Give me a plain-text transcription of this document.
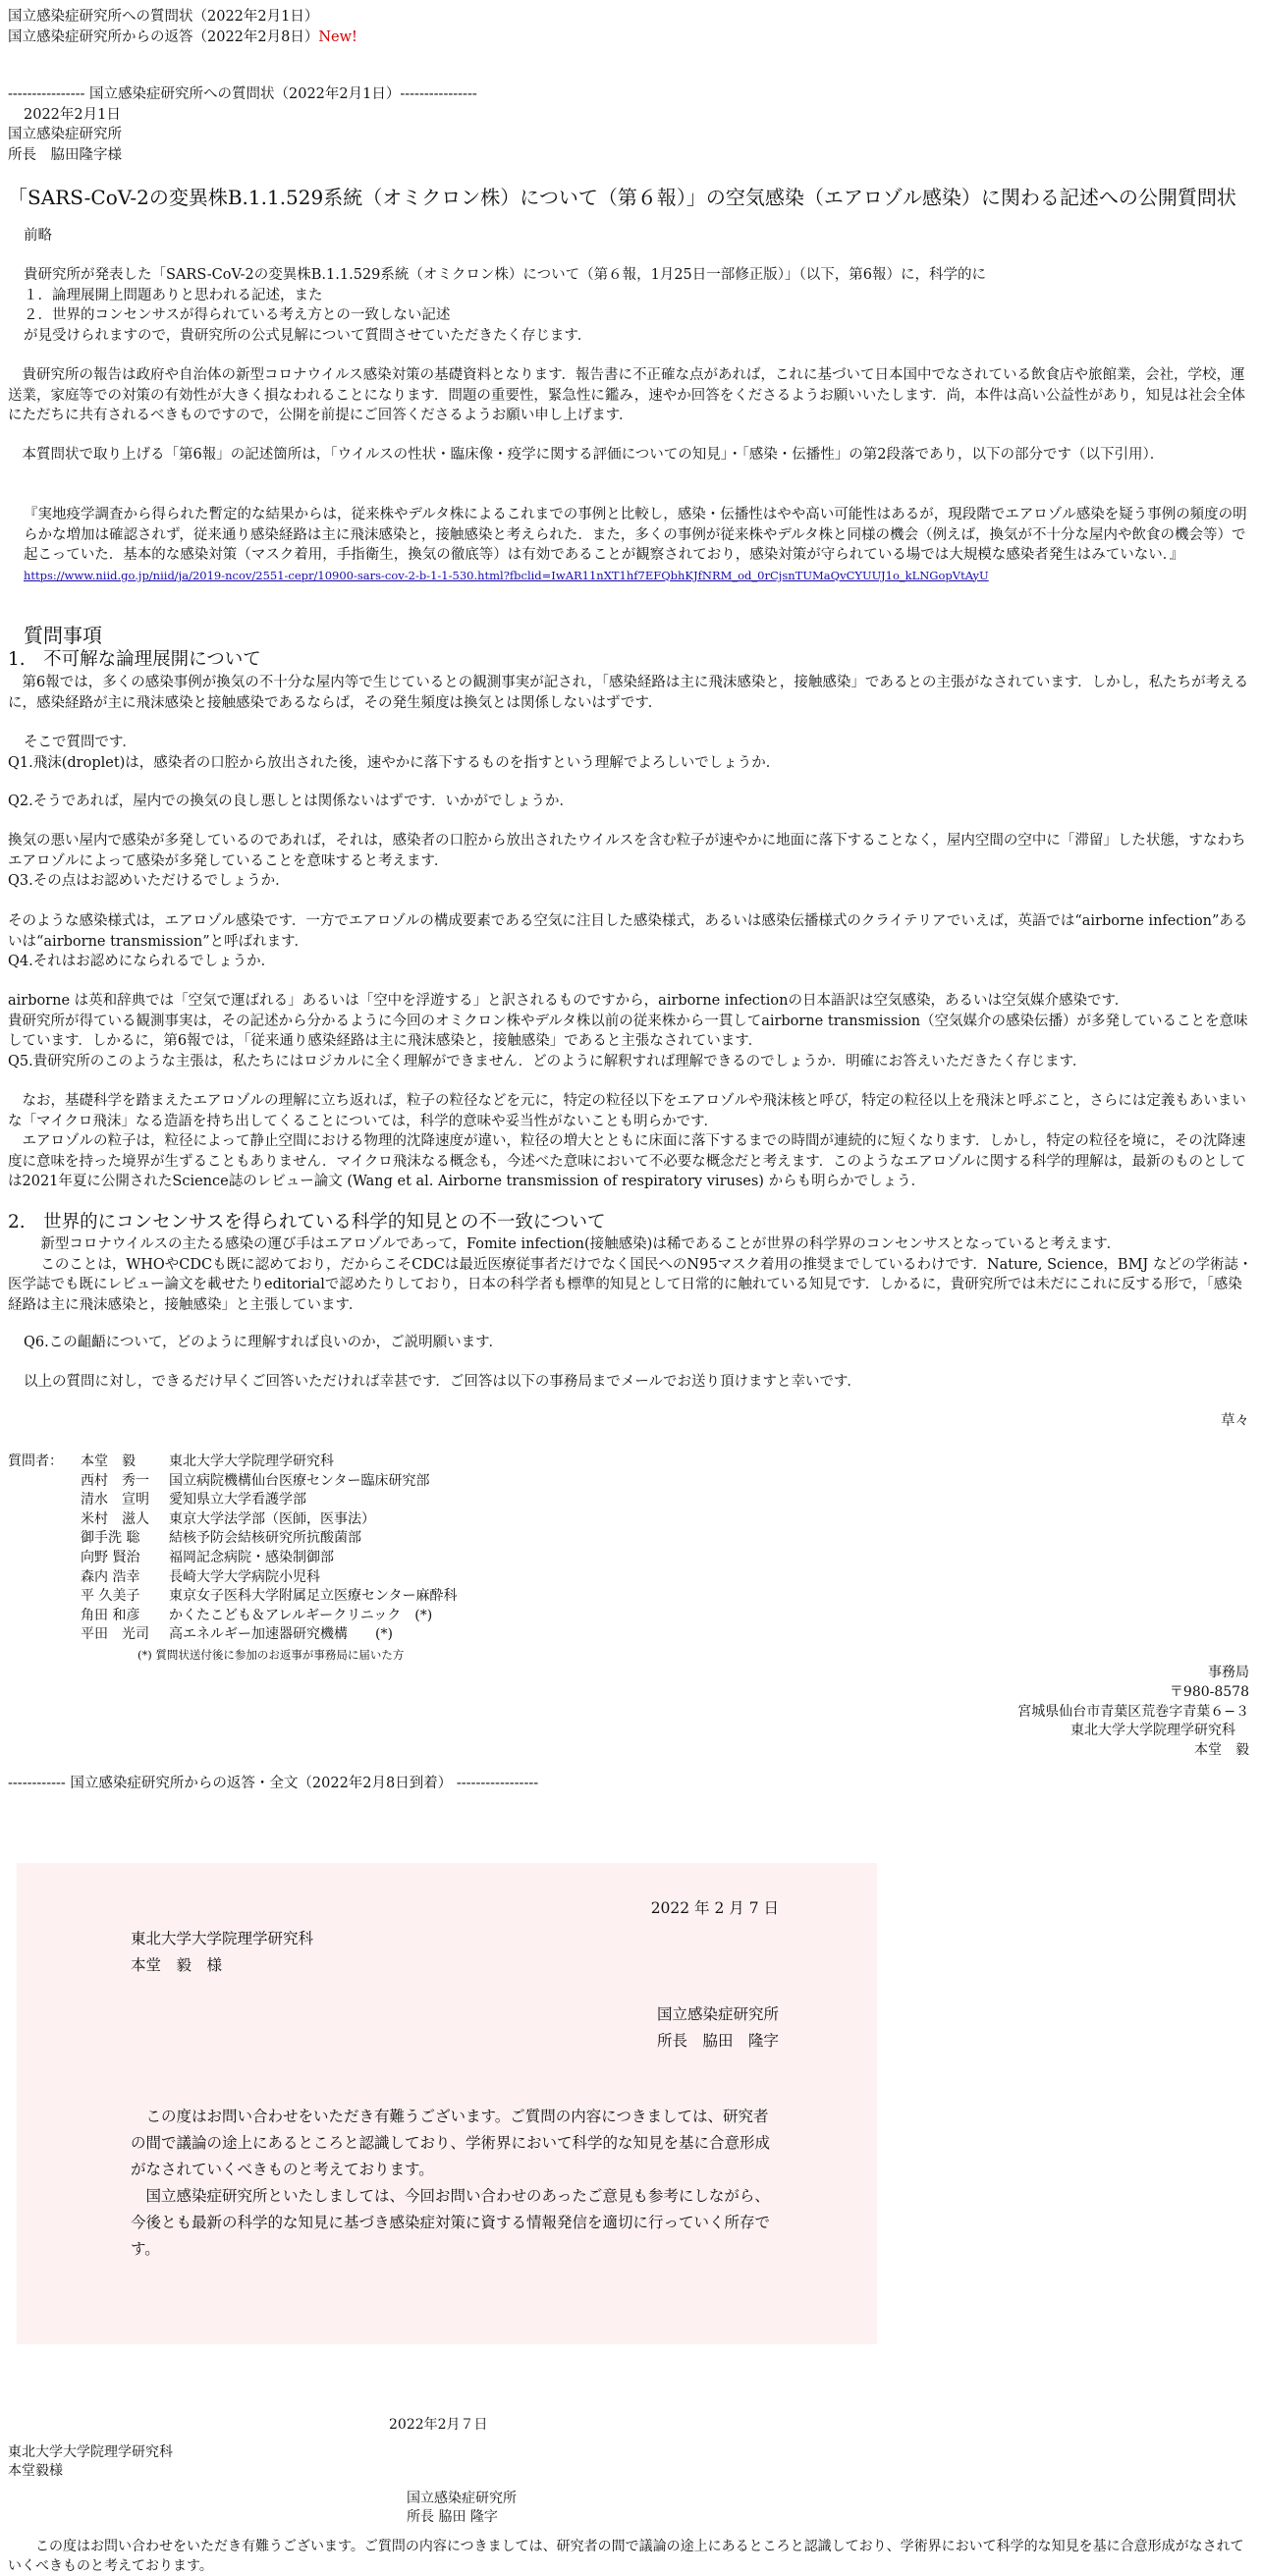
国立感染症研究所への質問状（2022年2月1日）

国立感染症研究所からの返答（2022年2月8日）New!

---------------- 国立感染症研究所への質問状（2022年2月1日）----------------

2022年2月1日

国立感染症研究所

所長　脇田隆字様

「SARS-CoV-2の変異株B.1.1.529系統（オミクロン株）について（第６報）」の空気感染（エアロゾル感染）に関わる記述への公開質問状

前略

貴研究所が発表した「SARS-CoV-2の変異株B.1.1.529系統（オミクロン株）について（第６報，1月25日一部修正版）」（以下，第6報）に，科学的に

１．論理展開上問題ありと思われる記述，また

２．世界的コンセンサスが得られている考え方との一致しない記述

が見受けられますので，貴研究所の公式見解について質問させていただきたく存じます．

貴研究所の報告は政府や自治体の新型コロナウイルス感染対策の基礎資料となります．報告書に不正確な点があれば，これに基づいて日本国中でなされている飲食店や旅館業，会社，学校，運送業，家庭等での対策の有効性が大きく損なわれることになります．問題の重要性，緊急性に鑑み，速やか回答をくださるようお願いいたします．尚，本件は高い公益性があり，知見は社会全体にただちに共有されるべきものですので，公開を前提にご回答くださるようお願い申し上げます．

本質問状で取り上げる「第6報」の記述箇所は，「ウイルスの性状・臨床像・疫学に関する評価についての知見」・「感染・伝播性」の第2段落であり，以下の部分です（以下引用）．

『実地疫学調査から得られた暫定的な結果からは，従来株やデルタ株によるこれまでの事例と比較し，感染・伝播性はやや高い可能性はあるが，現段階でエアロゾル感染を疑う事例の頻度の明らかな増加は確認されず，従来通り感染経路は主に飛沫感染と，接触感染と考えられた．また，多くの事例が従来株やデルタ株と同様の機会（例えば，換気が不十分な屋内や飲食の機会等）で起こっていた．基本的な感染対策（マスク着用，手指衛生，換気の徹底等）は有効であることが観察されており，感染対策が守られている場では大規模な感染者発生はみていない．』

https://www.niid.go.jp/niid/ja/2019-ncov/2551-cepr/10900-sars-cov-2-b-1-1-530.html?fbclid=IwAR11nXT1hf7EFQbhKJfNRM_od_0rCjsnTUMaQvCYUUJ1o_kLNGopVtAyU

質問事項
1.　不可解な論理展開について

第6報では，多くの感染事例が換気の不十分な屋内等で生じているとの観測事実が記され，「感染経路は主に飛沫感染と，接触感染」であるとの主張がなされています．しかし，私たちが考えるに，感染経路が主に飛沫感染と接触感染であるならば，その発生頻度は換気とは関係しないはずです．

そこで質問です．

Q1.飛沫(droplet)は，感染者の口腔から放出された後，速やかに落下するものを指すという理解でよろしいでしょうか．

Q2.そうであれば，屋内での換気の良し悪しとは関係ないはずです．いかがでしょうか．

換気の悪い屋内で感染が多発しているのであれば，それは，感染者の口腔から放出されたウイルスを含む粒子が速やかに地面に落下することなく，屋内空間の空中に「滞留」した状態，すなわちエアロゾルによって感染が多発していることを意味すると考えます．

Q3.その点はお認めいただけるでしょうか．

そのような感染様式は，エアロゾル感染です．一方でエアロゾルの構成要素である空気に注目した感染様式，あるいは感染伝播様式のクライテリアでいえば，英語では“airborne infection”あるいは“airborne transmission”と呼ばれます．

Q4.それはお認めになられるでしょうか．

airborne は英和辞典では「空気で運ばれる」あるいは「空中を浮遊する」と訳されるものですから，airborne infectionの日本語訳は空気感染，あるいは空気媒介感染です．

貴研究所が得ている観測事実は，その記述から分かるように今回のオミクロン株やデルタ株以前の従来株から一貫してairborne transmission（空気媒介の感染伝播）が多発していることを意味しています．しかるに，第6報では，「従来通り感染経路は主に飛沫感染と，接触感染」であると主張なされています．

Q5.貴研究所のこのような主張は，私たちにはロジカルに全く理解ができません．どのように解釈すれば理解できるのでしょうか．明確にお答えいただきたく存じます．

なお，基礎科学を踏まえたエアロゾルの理解に立ち返れば，粒子の粒径などを元に，特定の粒径以下をエアロゾルや飛沫核と呼び，特定の粒径以上を飛沫と呼ぶこと，さらには定義もあいまいな「マイクロ飛沫」なる造語を持ち出してくることについては，科学的意味や妥当性がないことも明らかです．

エアロゾルの粒子は，粒径によって静止空間における物理的沈降速度が違い，粒径の増大とともに床面に落下するまでの時間が連続的に短くなります．しかし，特定の粒径を境に，その沈降速度に意味を持った境界が生ずることもありません．マイクロ飛沫なる概念も，今述べた意味において不必要な概念だと考えます．このようなエアロゾルに関する科学的理解は，最新のものとしては2021年夏に公開されたScience誌のレビュー論文 (Wang et al. Airborne transmission of respiratory viruses) からも明らかでしょう．

2.　世界的にコンセンサスを得られている科学的知見との不一致について

新型コロナウイルスの主たる感染の運び手はエアロゾルであって，Fomite infection(接触感染)は稀であることが世界の科学界のコンセンサスとなっていると考えます．

このことは，WHOやCDCも既に認めており，だからこそCDCは最近医療従事者だけでなく国民へのN95マスク着用の推奨までしているわけです．Nature, Science，BMJ などの学術誌・医学誌でも既にレビュー論文を載せたりeditorialで認めたりしており，日本の科学者も標準的知見として日常的に触れている知見です．しかるに，貴研究所では未だにこれに反する形で，「感染経路は主に飛沫感染と，接触感染」と主張しています．

Q6.この齟齬について，どのように理解すれば良いのか，ご説明願います．

以上の質問に対し，できるだけ早くご回答いただければ幸甚です．ご回答は以下の事務局までメールでお送り頂けますと幸いです．

草々

質問者：	本堂　毅	東北大学大学院理学研究科
	西村　秀一	国立病院機構仙台医療センター臨床研究部
	清水　宣明	愛知県立大学看護学部
	米村　滋人	東京大学法学部（医師，医事法）
	御手洗 聡	結核予防会結核研究所抗酸菌部
	向野 賢治	福岡記念病院・感染制御部
	森内 浩幸	長崎大学大学病院小児科
	平 久美子	東京女子医科大学附属足立医療センター麻酔科
	角田 和彦	かくたこども＆アレルギークリニック　(*)
	平田　光司	高エネルギー加速器研究機構　　(*)

(*) 質問状送付後に参加のお返事が事務局に届いた方

事務局

〒980-8578

宮城県仙台市青葉区荒巻字青葉６−３

東北大学大学院理学研究科

本堂　毅

------------ 国立感染症研究所からの返答・全文（2022年2月8日到着） -----------------

2022 年 2 月 7 日

東北大学大学院理学研究科

本堂　毅　様

国立感染症研究所

所長　脇田　隆字

この度はお問い合わせをいただき有難うございます。ご質問の内容につきましては、研究者の間で議論の途上にあるところと認識しており、学術界において科学的な知見を基に合意形成がなされていくべきものと考えております。

国立感染症研究所といたしましては、今回お問い合わせのあったご意見も参考にしながら、今後とも最新の科学的な知見に基づき感染症対策に資する情報発信を適切に行っていく所存です。

2022年2月７日

東北大学大学院理学研究科

本堂毅様

国立感染症研究所

所長 脇田 隆字

この度はお問い合わせをいただき有難うございます。ご質問の内容につきましては、研究者の間で議論の途上にあるところと認識しており、学術界において科学的な知見を基に合意形成がなされていくべきものと考えております。
